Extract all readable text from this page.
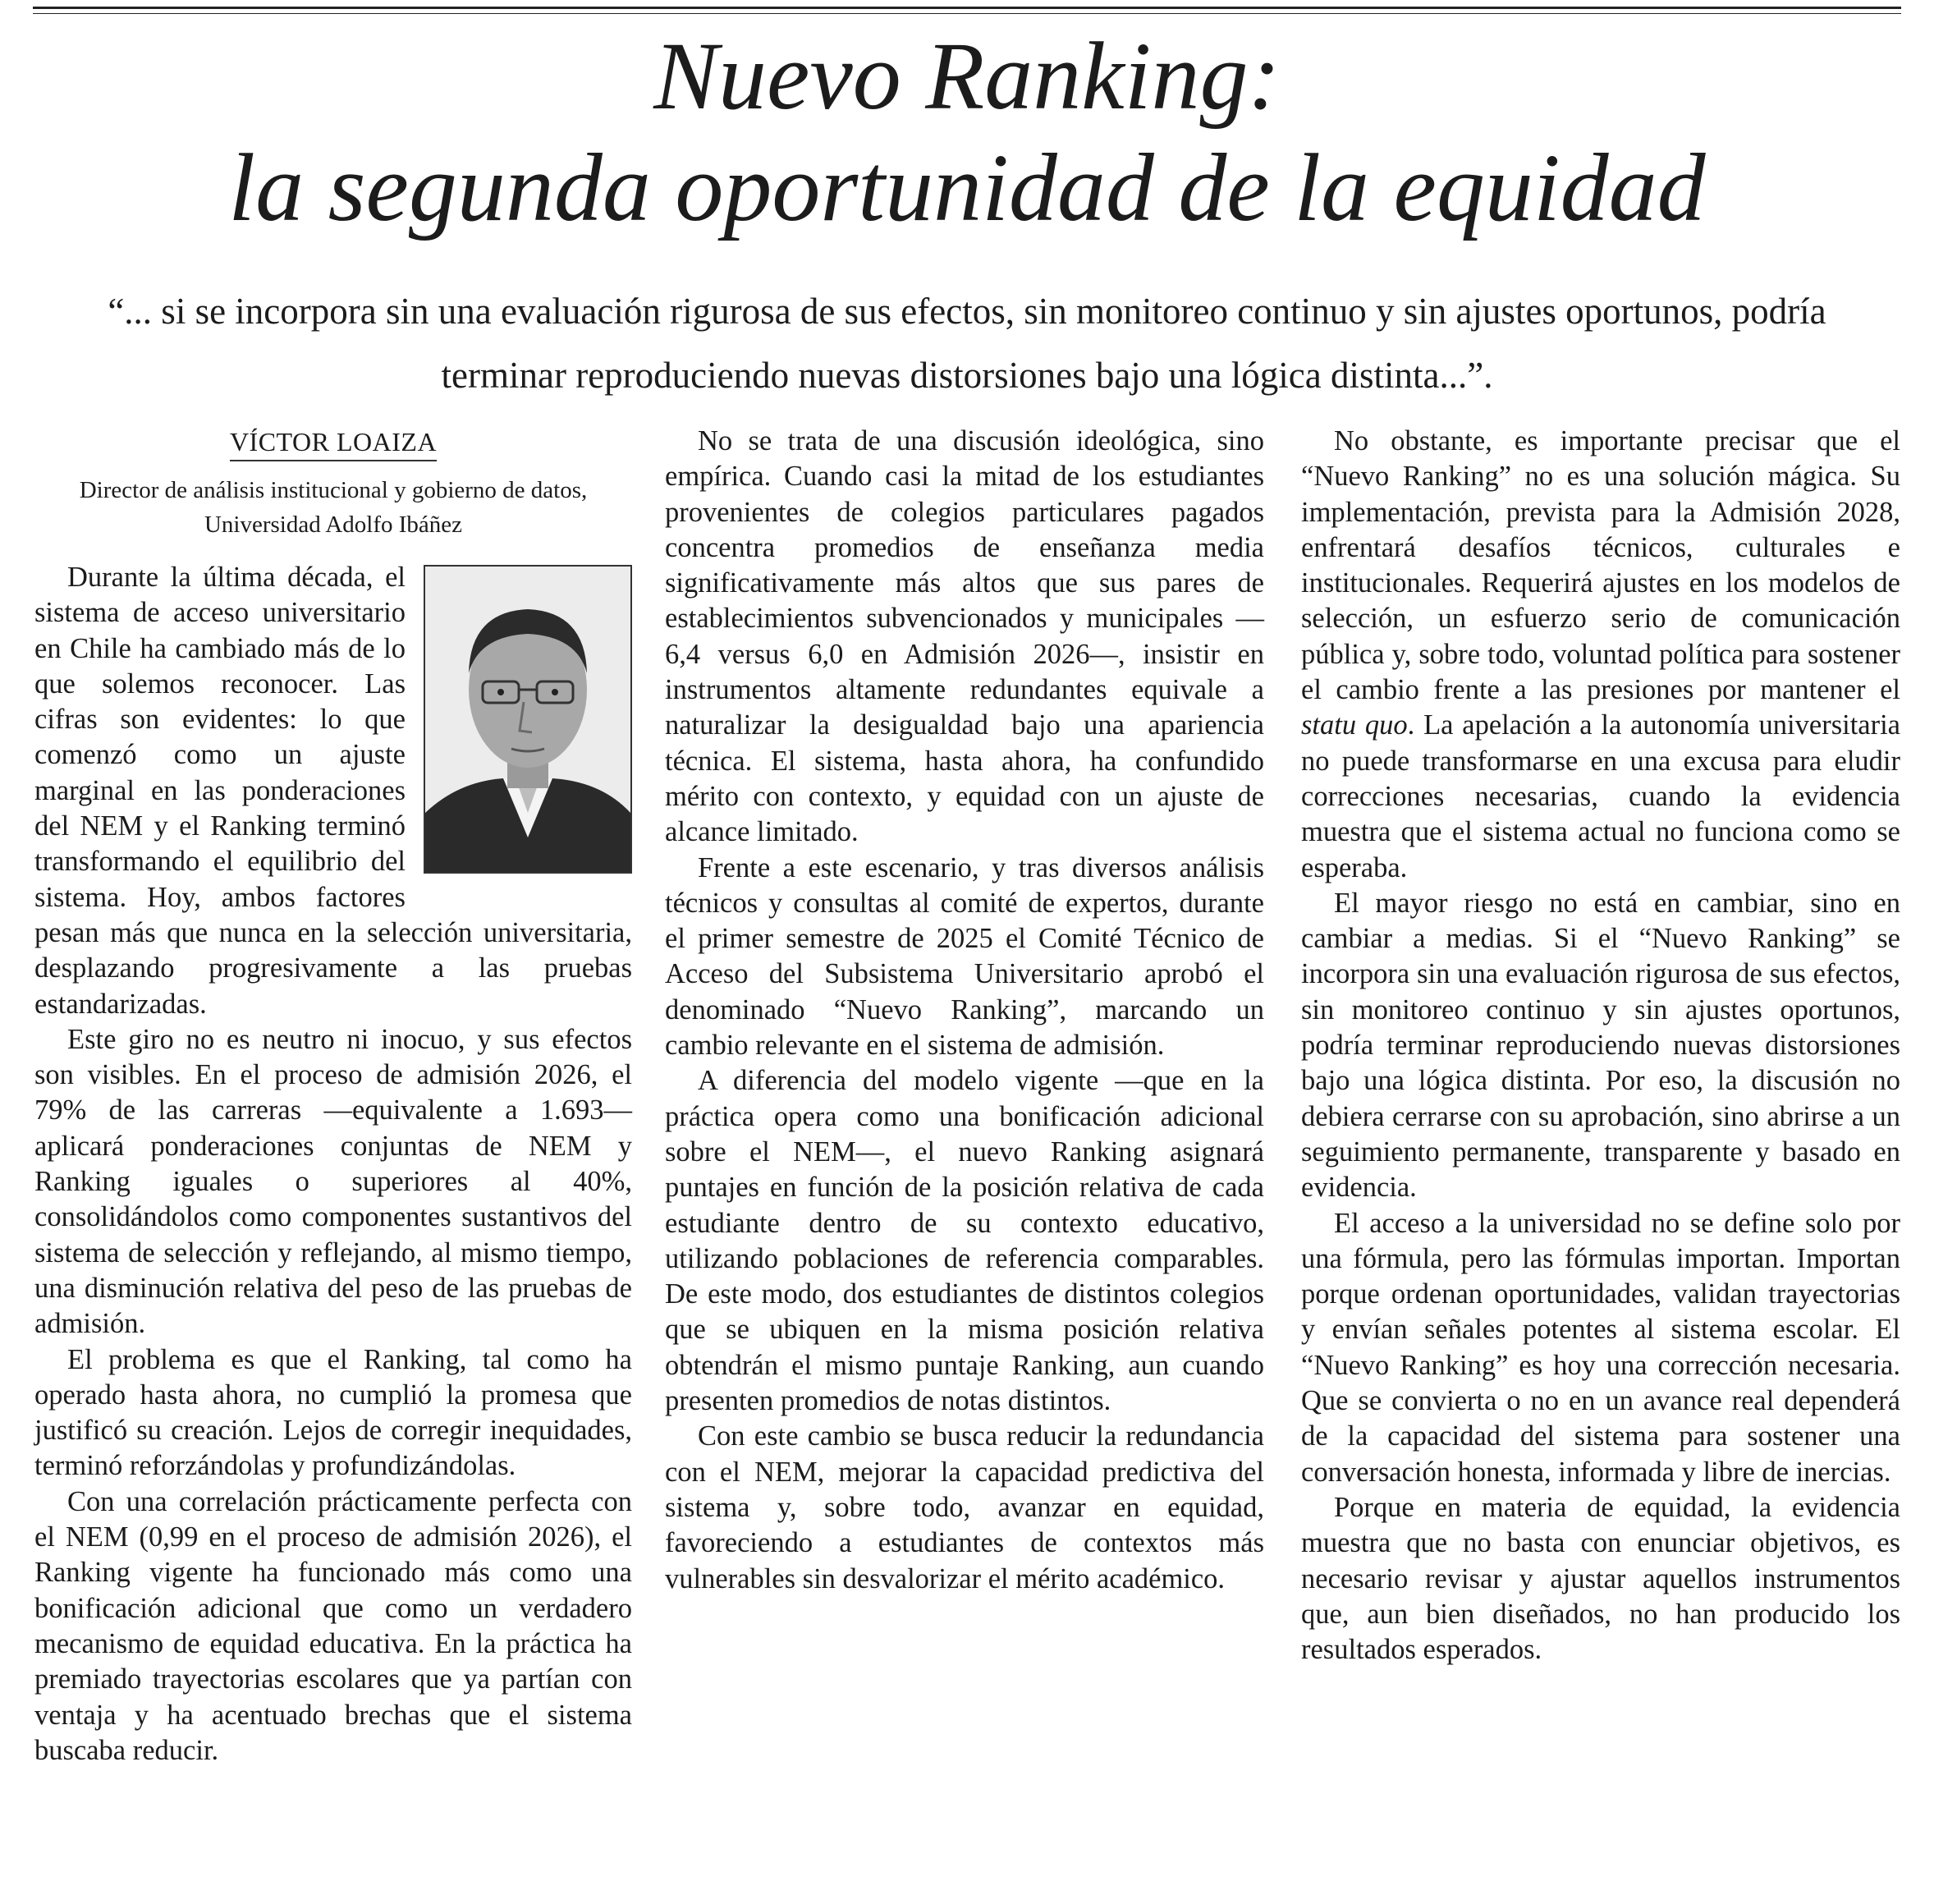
Nuevo Ranking:
la segunda oportunidad de la equidad

“... si se incorpora sin una evaluación rigurosa de sus efectos, sin monitoreo continuo y sin ajustes oportunos, podría terminar reproduciendo nuevas distorsiones bajo una lógica distinta...”.

VÍCTOR LOAIZA
Director de análisis institucional y gobierno de datos, Universidad Adolfo Ibáñez

Durante la última década, el sistema de acceso universitario en Chile ha cambiado más de lo que solemos reconocer. Las cifras son evidentes: lo que comenzó como un ajuste marginal en las ponderaciones del NEM y el Ranking terminó transformando el equilibrio del sistema. Hoy, ambos factores pesan más que nunca en la selección universitaria, desplazando progresivamente a las pruebas estandarizadas.

Este giro no es neutro ni inocuo, y sus efectos son visibles. En el proceso de admisión 2026, el 79% de las carreras —equivalente a 1.693— aplicará ponderaciones conjuntas de NEM y Ranking iguales o superiores al 40%, consolidándolos como componentes sustantivos del sistema de selección y reflejando, al mismo tiempo, una disminución relativa del peso de las pruebas de admisión.

El problema es que el Ranking, tal como ha operado hasta ahora, no cumplió la promesa que justificó su creación. Lejos de corregir inequidades, terminó reforzándolas y profundizándolas.

Con una correlación prácticamente perfecta con el NEM (0,99 en el proceso de admisión 2026), el Ranking vigente ha funcionado más como una bonificación adicional que como un verdadero mecanismo de equidad educativa. En la práctica ha premiado trayectorias escolares que ya partían con ventaja y ha acentuado brechas que el sistema buscaba reducir.

No se trata de una discusión ideológica, sino empírica. Cuando casi la mitad de los estudiantes provenientes de colegios particulares pagados concentra promedios de enseñanza media significativamente más altos que sus pares de establecimientos subvencionados y municipales —6,4 versus 6,0 en Admisión 2026—, insistir en instrumentos altamente redundantes equivale a naturalizar la desigualdad bajo una apariencia técnica. El sistema, hasta ahora, ha confundido mérito con contexto, y equidad con un ajuste de alcance limitado.

Frente a este escenario, y tras diversos análisis técnicos y consultas al comité de expertos, durante el primer semestre de 2025 el Comité Técnico de Acceso del Subsistema Universitario aprobó el denominado “Nuevo Ranking”, marcando un cambio relevante en el sistema de admisión.

A diferencia del modelo vigente —que en la práctica opera como una bonificación adicional sobre el NEM—, el nuevo Ranking asignará puntajes en función de la posición relativa de cada estudiante dentro de su contexto educativo, utilizando poblaciones de referencia comparables. De este modo, dos estudiantes de distintos colegios que se ubiquen en la misma posición relativa obtendrán el mismo puntaje Ranking, aun cuando presenten promedios de notas distintos.

Con este cambio se busca reducir la redundancia con el NEM, mejorar la capacidad predictiva del sistema y, sobre todo, avanzar en equidad, favoreciendo a estudiantes de contextos más vulnerables sin desvalorizar el mérito académico.

No obstante, es importante precisar que el “Nuevo Ranking” no es una solución mágica. Su implementación, prevista para la Admisión 2028, enfrentará desafíos técnicos, culturales e institucionales. Requerirá ajustes en los modelos de selección, un esfuerzo serio de comunicación pública y, sobre todo, voluntad política para sostener el cambio frente a las presiones por mantener el statu quo. La apelación a la autonomía universitaria no puede transformarse en una excusa para eludir correcciones necesarias, cuando la evidencia muestra que el sistema actual no funciona como se esperaba.

El mayor riesgo no está en cambiar, sino en cambiar a medias. Si el “Nuevo Ranking” se incorpora sin una evaluación rigurosa de sus efectos, sin monitoreo continuo y sin ajustes oportunos, podría terminar reproduciendo nuevas distorsiones bajo una lógica distinta. Por eso, la discusión no debiera cerrarse con su aprobación, sino abrirse a un seguimiento permanente, transparente y basado en evidencia.

El acceso a la universidad no se define solo por una fórmula, pero las fórmulas importan. Importan porque ordenan oportunidades, validan trayectorias y envían señales potentes al sistema escolar. El “Nuevo Ranking” es hoy una corrección necesaria. Que se convierta o no en un avance real dependerá de la capacidad del sistema para sostener una conversación honesta, informada y libre de inercias.

Porque en materia de equidad, la evidencia muestra que no basta con enunciar objetivos, es necesario revisar y ajustar aquellos instrumentos que, aun bien diseñados, no han producido los resultados esperados.
